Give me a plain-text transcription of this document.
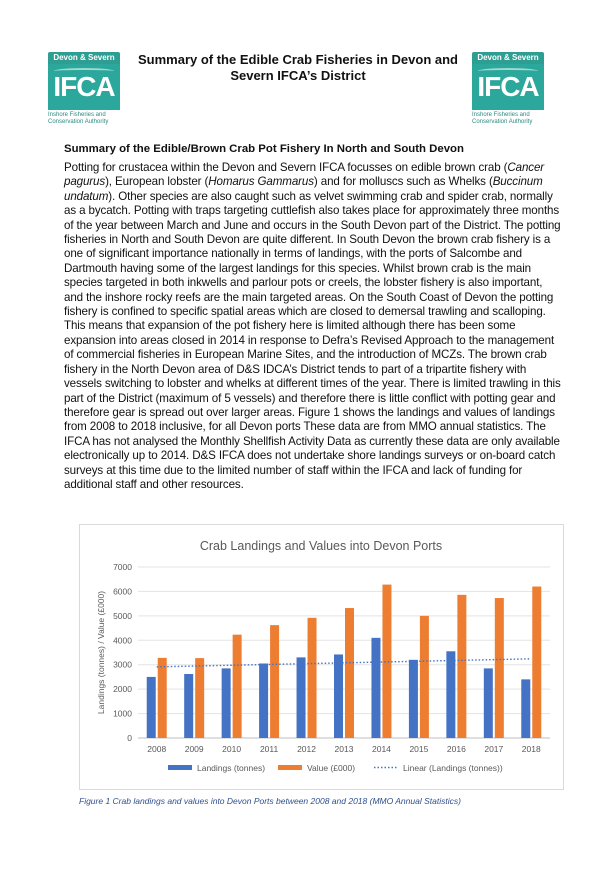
Devon & Severn
IFCA
Inshore Fisheries and
Conservation Authority
Devon & Severn
IFCA
Inshore Fisheries and
Conservation Authority
Summary of the Edible Crab Fisheries in Devon and
Severn IFCA’s District
Summary of the Edible/Brown Crab Pot Fishery In North and South Devon
Potting for crustacea within the Devon and Severn IFCA focusses on edible brown crab (Cancer pagurus), European lobster (Homarus Gammarus) and for molluscs such as Whelks (Buccinum undatum). Other species are also caught such as velvet swimming crab and spider crab, normally as a bycatch. Potting with traps targeting cuttlefish also takes place for approximately three months of the year between March and June and occurs in the South Devon part of the District. The potting fisheries in North and South Devon are quite different. In South Devon the brown crab fishery is a one of significant importance nationally in terms of landings, with the ports of Salcombe and Dartmouth having some of the largest landings for this species. Whilst brown crab is the main species targeted in both inkwells and parlour pots or creels, the lobster fishery is also important, and the inshore rocky reefs are the main targeted areas. On the South Coast of Devon the potting fishery is confined to specific spatial areas which are closed to demersal trawling and scalloping. This means that expansion of the pot fishery here is limited although there has been some expansion into areas closed in 2014 in response to Defra’s Revised Approach to the management of commercial fisheries in European Marine Sites, and the introduction of MCZs. The brown crab fishery in the North Devon area of D&S IDCA’s District tends to part of a tripartite fishery with vessels switching to lobster and whelks at different times of the year. There is limited trawling in this part of the District (maximum of 5 vessels) and therefore there is little conflict with potting gear and therefore gear is spread out over larger areas. Figure 1 shows the landings and values of landings from 2008 to 2018 inclusive, for all Devon ports These data are from MMO annual statistics. The IFCA has not analysed the Monthly Shellfish Activity Data as currently these data are only available electronically up to 2014. D&S IFCA does not undertake shore landings surveys or on-board catch surveys at this time due to the limited number of staff within the IFCA and lack of funding for additional staff and other resources.
Crab Landings and Values into Devon Ports
0
1000
2000
3000
4000
5000
6000
7000
Landings (tonnes) / Value (£000)
2008 2009 2010 2011 2012 2013 2014 2015 2016 2017 2018
Landings (tonnes)	Value (£000)	Linear (Landings (tonnes))
Figure 1 Crab landings and values into Devon Ports between 2008 and 2018 (MMO Annual Statistics)
